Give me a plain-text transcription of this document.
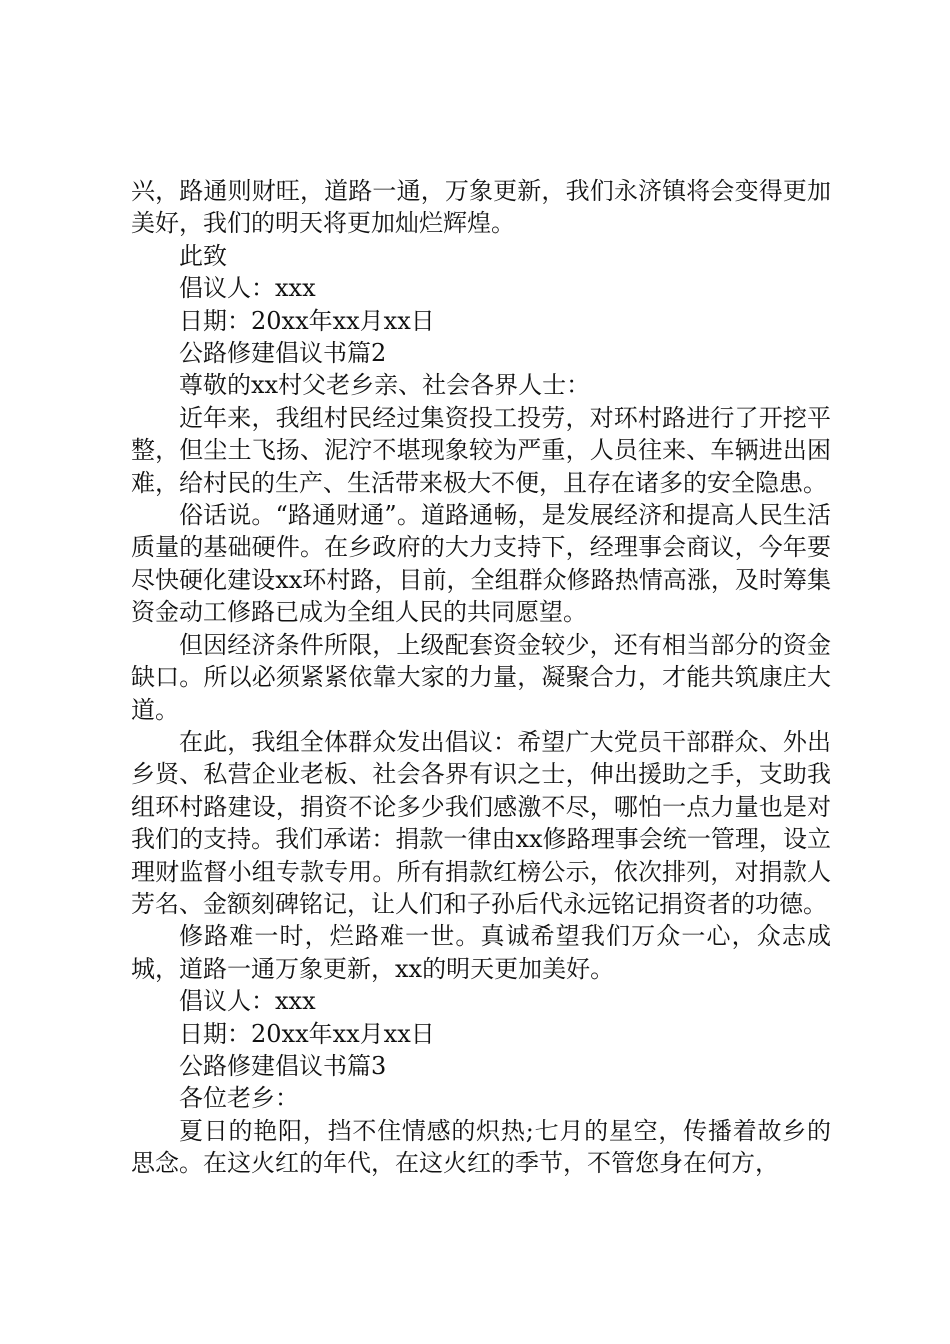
兴，路通则财旺，道路一通，万象更新，我们永济镇将会变得更加美好，我们的明天将更加灿烂辉煌。

此致

倡议人：xxx

日期：20xx年xx月xx日

公路修建倡议书篇2

尊敬的xx村父老乡亲、社会各界人士：

近年来，我组村民经过集资投工投劳，对环村路进行了开挖平整，但尘土飞扬、泥泞不堪现象较为严重，人员往来、车辆进出困难，给村民的生产、生活带来极大不便，且存在诸多的安全隐患。

俗话说。“路通财通”。道路通畅，是发展经济和提高人民生活质量的基础硬件。在乡政府的大力支持下，经理事会商议，今年要尽快硬化建设xx环村路，目前，全组群众修路热情高涨，及时筹集资金动工修路已成为全组人民的共同愿望。

但因经济条件所限，上级配套资金较少，还有相当部分的资金缺口。所以必须紧紧依靠大家的力量，凝聚合力，才能共筑康庄大道。

在此，我组全体群众发出倡议：希望广大党员干部群众、外出乡贤、私营企业老板、社会各界有识之士，伸出援助之手，支助我组环村路建设，捐资不论多少我们感激不尽，哪怕一点力量也是对我们的支持。我们承诺：捐款一律由xx修路理事会统一管理，设立理财监督小组专款专用。所有捐款红榜公示，依次排列，对捐款人芳名、金额刻碑铭记，让人们和子孙后代永远铭记捐资者的功德。

修路难一时，烂路难一世。真诚希望我们万众一心，众志成城，道路一通万象更新，xx的明天更加美好。

倡议人：xxx

日期：20xx年xx月xx日

公路修建倡议书篇3

各位老乡：

夏日的艳阳，挡不住情感的炽热;七月的星空，传播着故乡的思念。在这火红的年代，在这火红的季节，不管您身在何方，
